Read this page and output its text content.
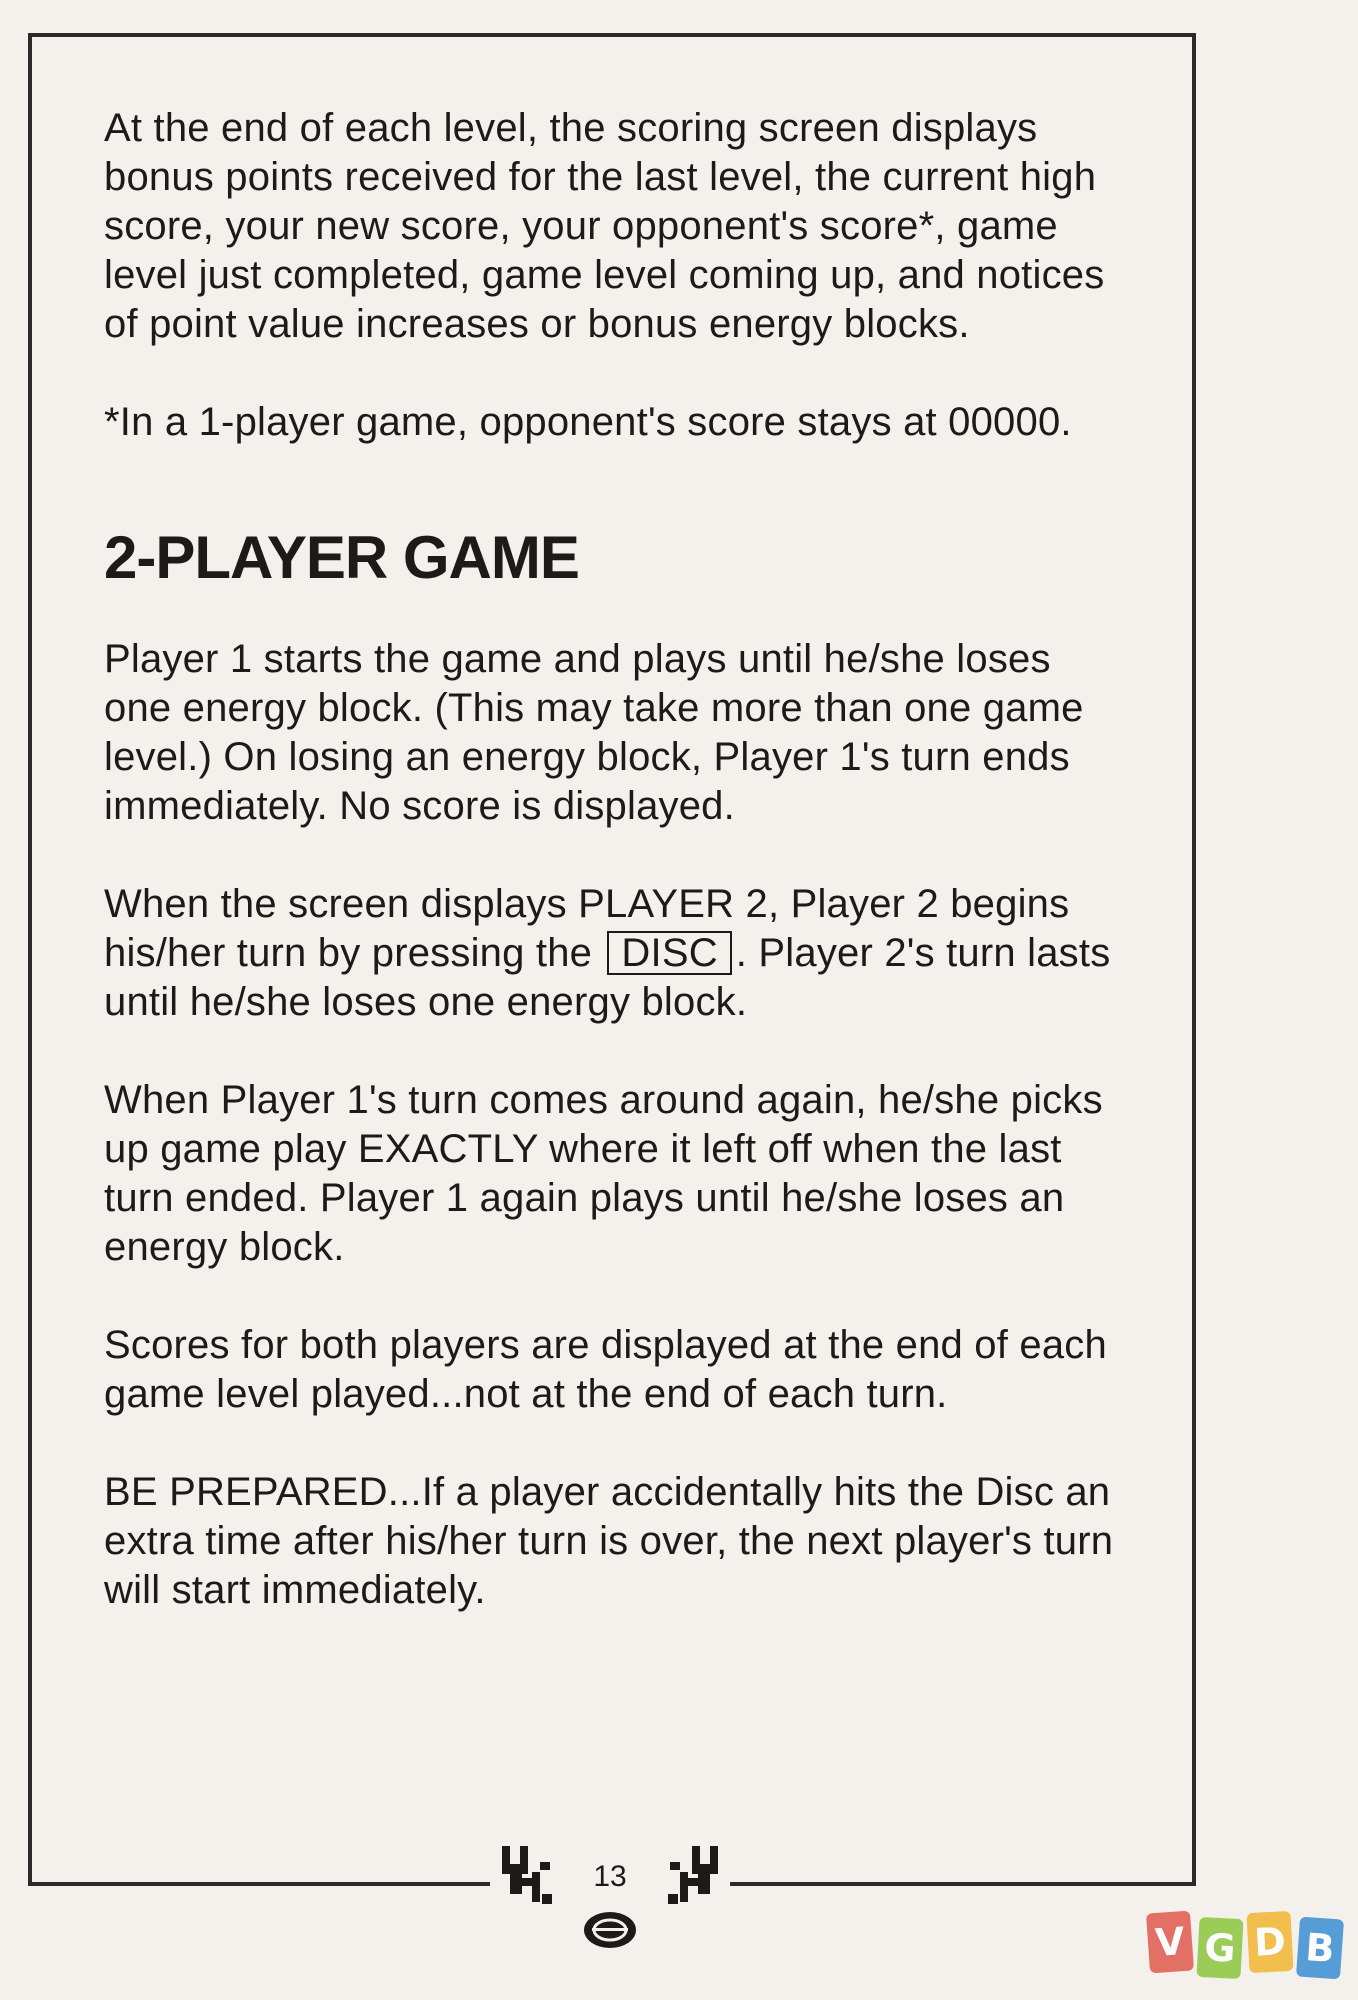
At the end of each level, the scoring screen displays bonus points received for the last level, the current high score, your new score, your opponent's score*, game level just completed, game level coming up, and notices of point value increases or bonus energy blocks.

*In a 1-player game, opponent's score stays at 00000.

2-PLAYER GAME

Player 1 starts the game and plays until he/she loses one energy block. (This may take more than one game level.) On losing an energy block, Player 1's turn ends immediately. No score is displayed.

When the screen displays PLAYER 2, Player 2 begins his/her turn by pressing the DISC . Player 2's turn lasts until he/she loses one energy block.

When Player 1's turn comes around again, he/she picks up game play EXACTLY where it left off when the last turn ended. Player 1 again plays until he/she loses an energy block.

Scores for both players are displayed at the end of each game level played...not at the end of each turn.

BE PREPARED...If a player accidentally hits the Disc an extra time after his/her turn is over, the next player's turn will start immediately.

13
V G D B
